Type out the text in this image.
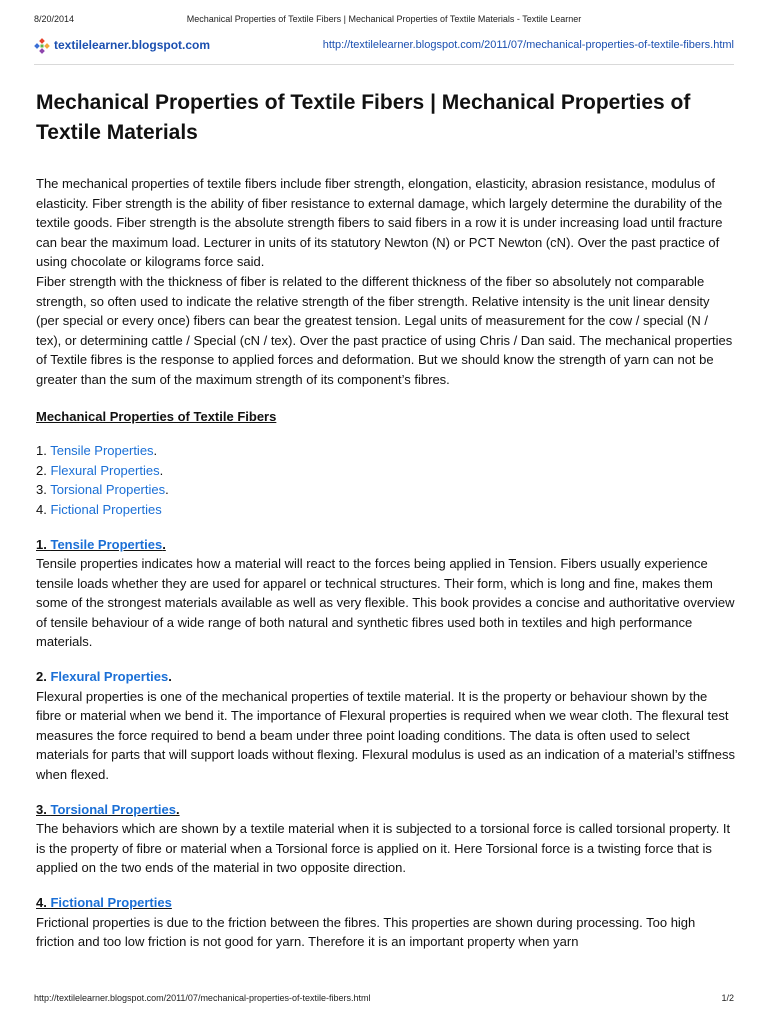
8/20/2014	Mechanical Properties of Textile Fibers | Mechanical Properties of Textile Materials - Textile Learner
textilelearner.blogspot.com	http://textilelearner.blogspot.com/2011/07/mechanical-properties-of-textile-fibers.html
Mechanical Properties of Textile Fibers | Mechanical Properties of Textile Materials

The mechanical properties of textile fibers include fiber strength, elongation, elasticity, abrasion resistance, modulus of elasticity. Fiber strength is the ability of fiber resistance to external damage, which largely determine the durability of the textile goods. Fiber strength is the absolute strength fibers to said fibers in a row it is under increasing load until fracture can bear the maximum load. Lecturer in units of its statutory Newton (N) or PCT Newton (cN). Over the past practice of using chocolate or kilograms force said.

Fiber strength with the thickness of fiber is related to the different thickness of the fiber so absolutely not comparable strength, so often used to indicate the relative strength of the fiber strength. Relative intensity is the unit linear density (per special or every once) fibers can bear the greatest tension. Legal units of measurement for the cow / special (N / tex), or determining cattle / Special (cN / tex). Over the past practice of using Chris / Dan said. The mechanical properties of Textile fibres is the response to applied forces and deformation. But we should know the strength of yarn can not be greater than the sum of the maximum strength of its component’s fibres.

Mechanical Properties of Textile Fibers
1. Tensile Properties.
2. Flexural Properties.
3. Torsional Properties.
4. Fictional Properties
1. Tensile Properties.

Tensile properties indicates how a material will react to the forces being applied in Tension. Fibers usually experience tensile loads whether they are used for apparel or technical structures. Their form, which is long and fine, makes them some of the strongest materials available as well as very flexible. This book provides a concise and authoritative overview of tensile behaviour of a wide range of both natural and synthetic fibres used both in textiles and high performance materials.

2. Flexural Properties.

Flexural properties is one of the mechanical properties of textile material. It is the property or behaviour shown by the fibre or material when we bend it. The importance of Flexural properties is required when we wear cloth. The flexural test measures the force required to bend a beam under three point loading conditions. The data is often used to select materials for parts that will support loads without flexing. Flexural modulus is used as an indication of a material’s stiffness when flexed.

3. Torsional Properties.

The behaviors which are shown by a textile material when it is subjected to a torsional force is called torsional property. It is the property of fibre or material when a Torsional force is applied on it. Here Torsional force is a twisting force that is applied on the two ends of the material in two opposite direction.

4. Fictional Properties

Frictional properties is due to the friction between the fibres. This properties are shown during processing. Too high friction and too low friction is not good for yarn. Therefore it is an important property when yarn

http://textilelearner.blogspot.com/2011/07/mechanical-properties-of-textile-fibers.html	1/2
